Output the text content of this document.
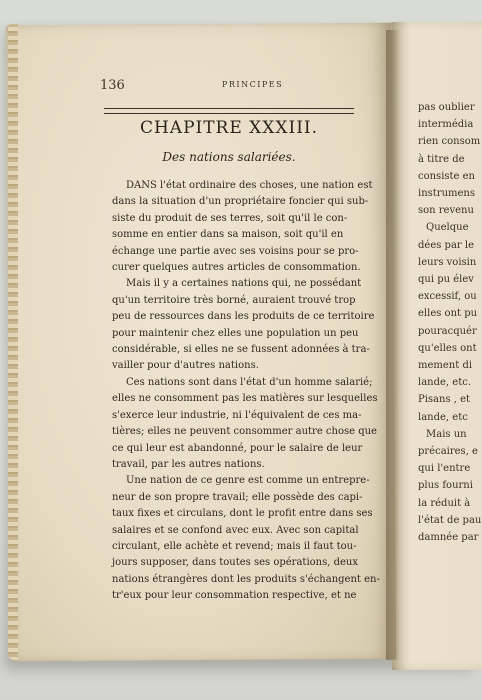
136	PRINCIPES
CHAPITRE XXXIII.
Des nations salariées.
DANS l'état ordinaire des choses, une nation est
dans la situation d'un propriétaire foncier qui sub-
siste du produit de ses terres, soit qu'il le con-
somme en entier dans sa maison, soit qu'il en
échange une partie avec ses voisins pour se pro-
curer quelques autres articles de consommation.
Mais il y a certaines nations qui, ne possédant
qu'un territoire très borné, auraient trouvé trop
peu de ressources dans les produits de ce territoire
pour maintenir chez elles une population un peu
considérable, si elles ne se fussent adonnées à tra-
vailler pour d'autres nations.
Ces nations sont dans l'état d'un homme salarié;
elles ne consomment pas les matières sur lesquelles
s'exerce leur industrie, ni l'équivalent de ces ma-
tières; elles ne peuvent consommer autre chose que
ce qui leur est abandonné, pour le salaire de leur
travail, par les autres nations.
Une nation de ce genre est comme un entrepre-
neur de son propre travail; elle possède des capi-
taux fixes et circulans, dont le profit entre dans ses
salaires et se confond avec eux. Avec son capital
circulant, elle achète et revend; mais il faut tou-
jours supposer, dans toutes ses opérations, deux
nations étrangères dont les produits s'échangent en-
tr'eux pour leur consommation respective, et ne
pas oublier
intermédia
rien consom
à titre de
consiste en
instrumens
son revenu
Quelque
dées par le
leurs voisin
qui pu élev
excessif, ou
elles ont pu
pouracquér
qu'elles ont
mement di
lande, etc.
Pisans , et
lande, etc
Mais un
précaires, e
qui l'entre
plus fourni
la réduit à
l'état de pau
damnée par
